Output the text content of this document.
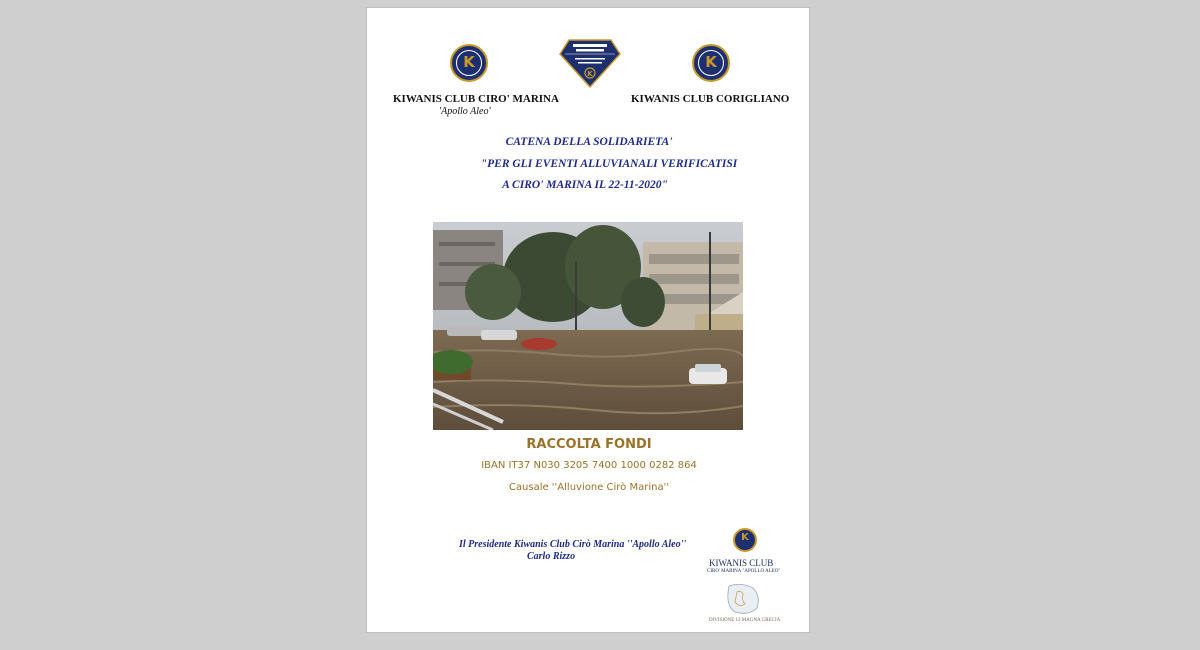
K
K
K
KIWANIS CLUB CIRO' MARINA
'Apollo Aleo'
KIWANIS CLUB CORIGLIANO
CATENA DELLA SOLIDARIETA'
"PER GLI EVENTI ALLUVIANALI VERIFICATISI
A CIRO' MARINA IL 22-11-2020"
RACCOLTA FONDI
IBAN IT37 N030 3205 7400 1000 0282 864
Causale ''Alluvione Cirò Marina''
Il Presidente Kiwanis Club Cirò Marina ''Apollo Aleo''
Carlo Rizzo
K
KIWANIS CLUB
CIRO' MARINA "APOLLO ALEO"
DIVISIONE 12 MAGNA GRECIA
